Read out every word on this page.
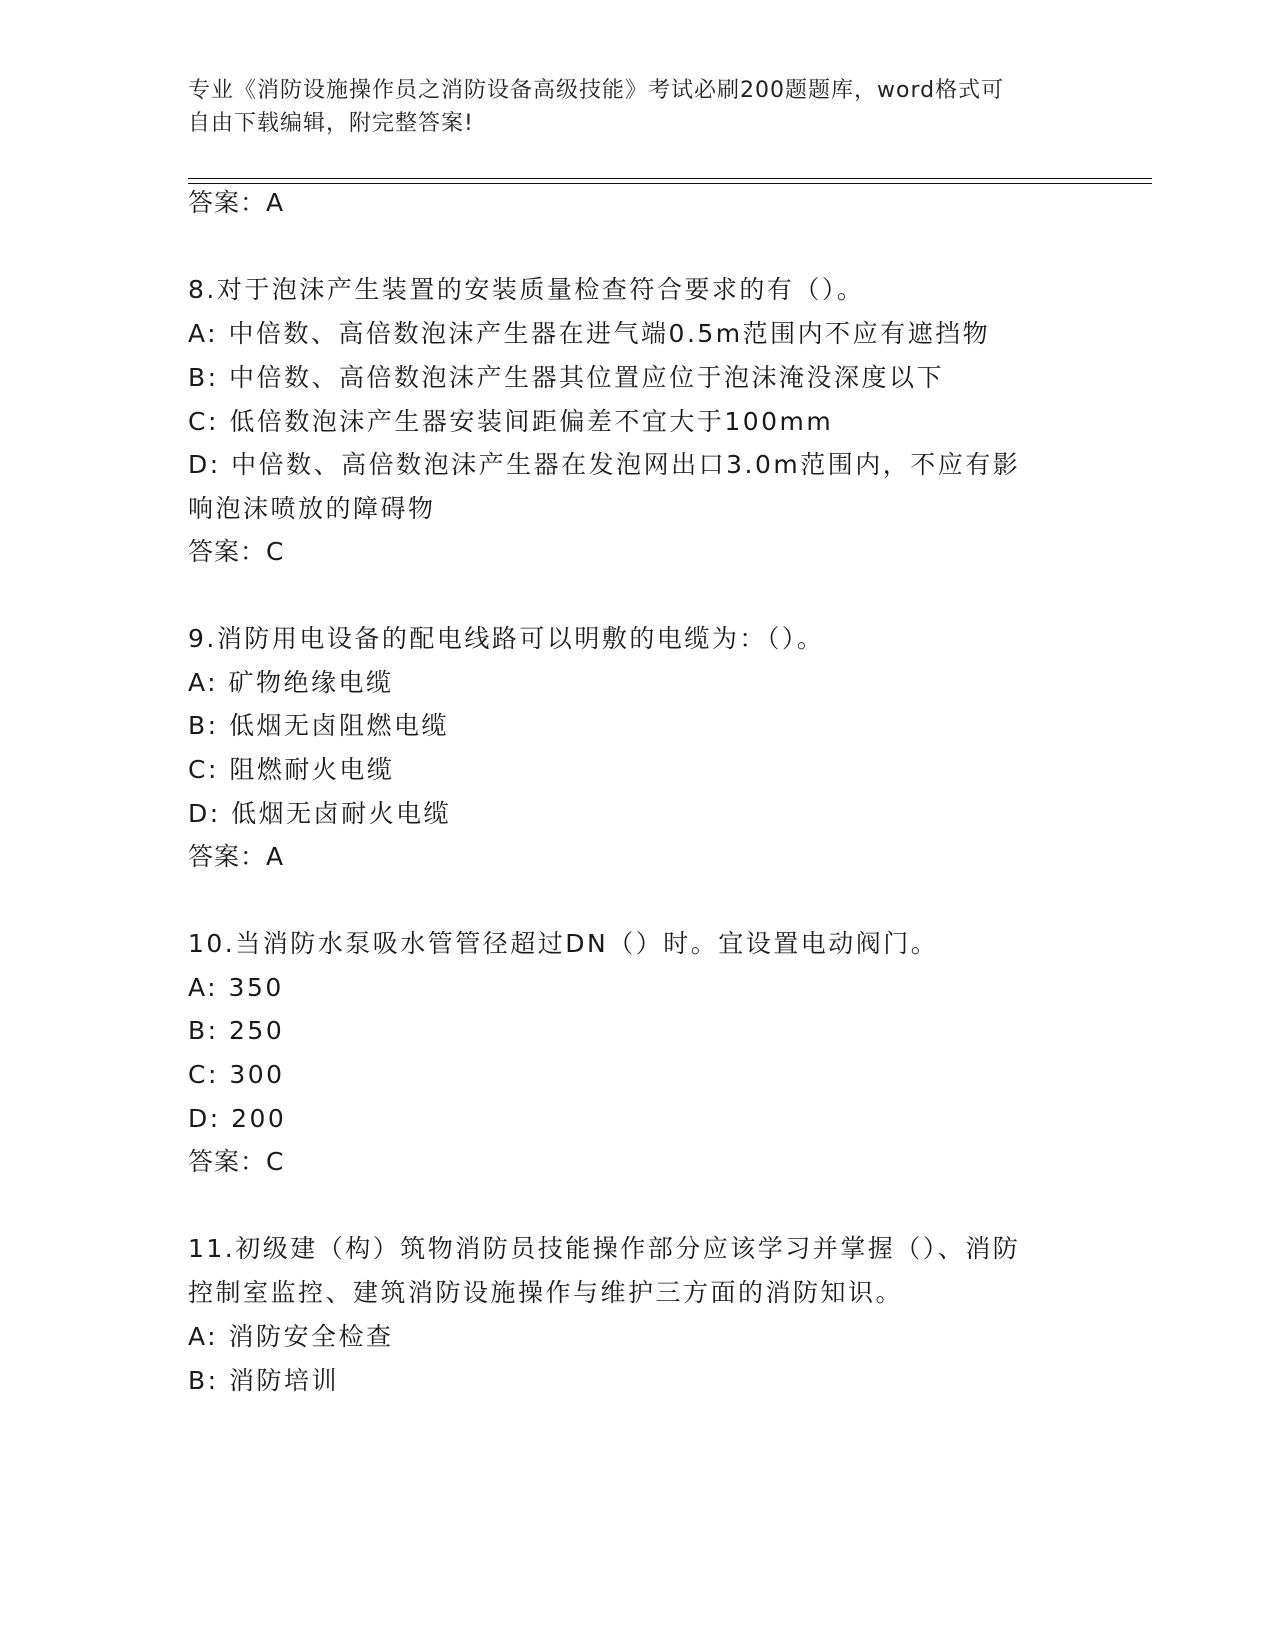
专业《消防设施操作员之消防设备高级技能》考试必刷200题题库，word格式可
自由下载编辑，附完整答案!
答案：A
8.对于泡沫产生装置的安装质量检查符合要求的有（）。
A: 中倍数、高倍数泡沫产生器在进气端0.5m范围内不应有遮挡物
B: 中倍数、高倍数泡沫产生器其位置应位于泡沫淹没深度以下
C: 低倍数泡沫产生器安装间距偏差不宜大于100mm
D: 中倍数、高倍数泡沫产生器在发泡网出口3.0m范围内，不应有影
响泡沫喷放的障碍物
答案：C
9.消防用电设备的配电线路可以明敷的电缆为：（）。
A: 矿物绝缘电缆
B: 低烟无卤阻燃电缆
C: 阻燃耐火电缆
D: 低烟无卤耐火电缆
答案：A
10.当消防水泵吸水管管径超过DN（）时。宜设置电动阀门。
A: 350
B: 250
C: 300
D: 200
答案：C
11.初级建（构）筑物消防员技能操作部分应该学习并掌握（）、消防
控制室监控、建筑消防设施操作与维护三方面的消防知识。
A: 消防安全检查
B: 消防培训
